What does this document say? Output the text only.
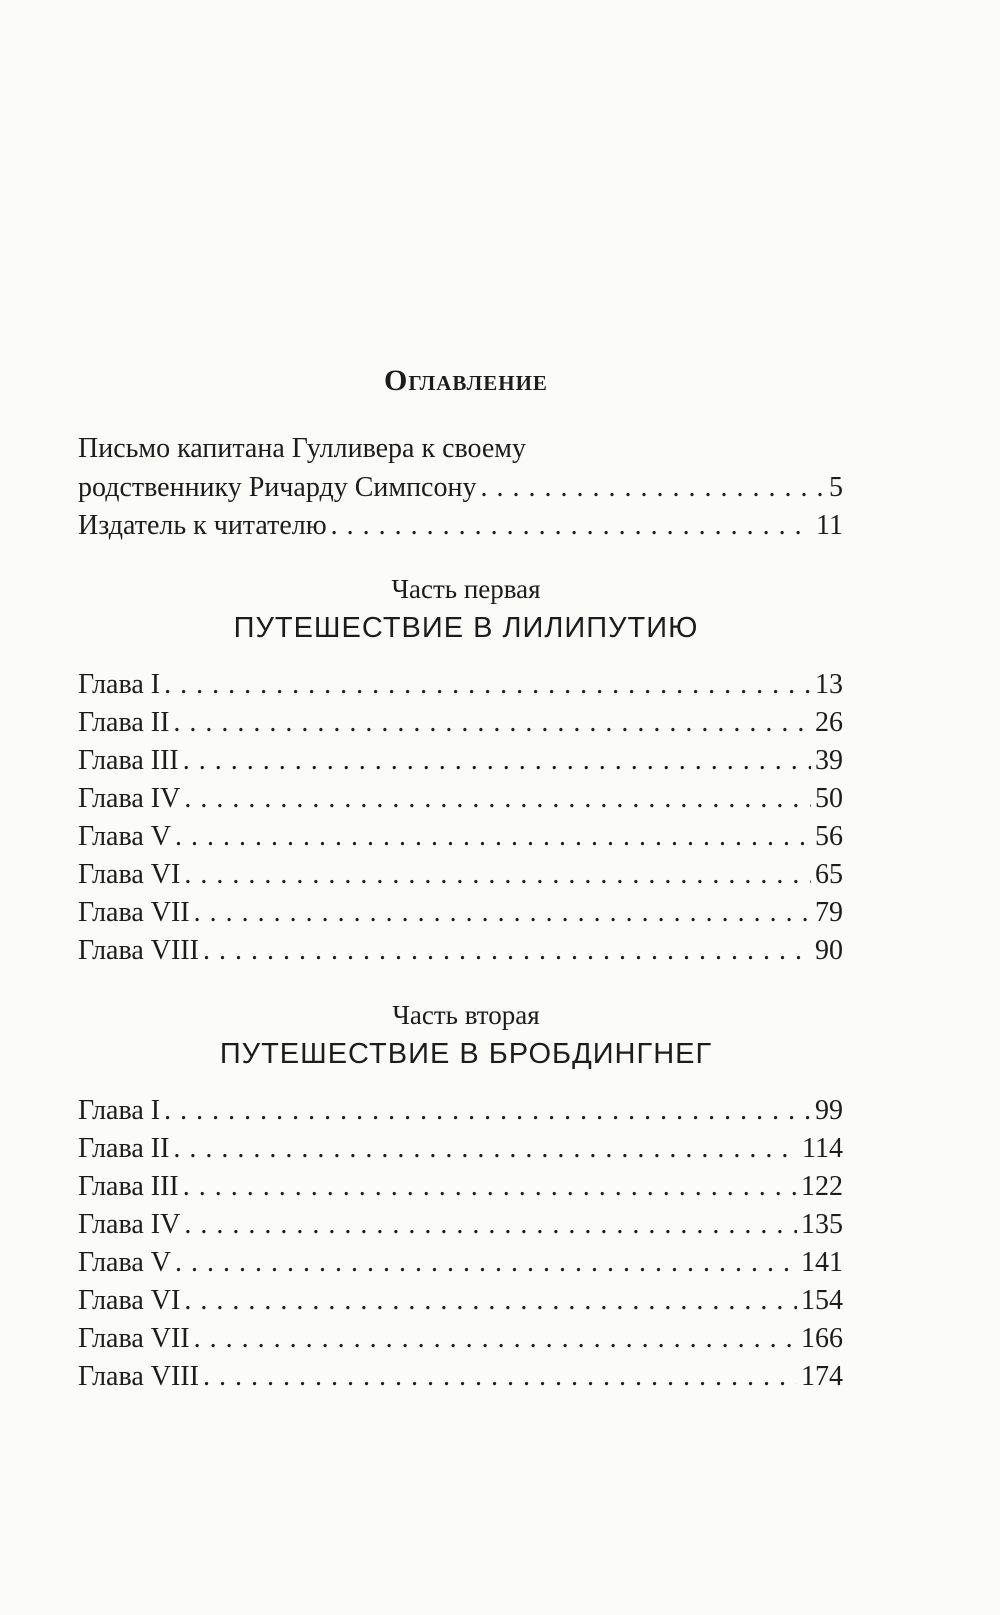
Оглавление
Письмо капитана Гулливера к своему
родственнику Ричарду Симпсону . . .	5
Издатель к читателю . . .	11
Часть первая
ПУТЕШЕСТВИЕ В ЛИЛИПУТИЮ
Глава I . . .	13
Глава II . . .	26
Глава III . . .	39
Глава IV . . .	50
Глава V . . .	56
Глава VI . . .	65
Глава VII . . .	79
Глава VIII . . .	90
Часть вторая
ПУТЕШЕСТВИЕ В БРОБДИНГНЕГ
Глава I . . .	99
Глава II . . .	114
Глава III . . .	122
Глава IV . . .	135
Глава V . . .	141
Глава VI . . .	154
Глава VII . . .	166
Глава VIII . . .	174
